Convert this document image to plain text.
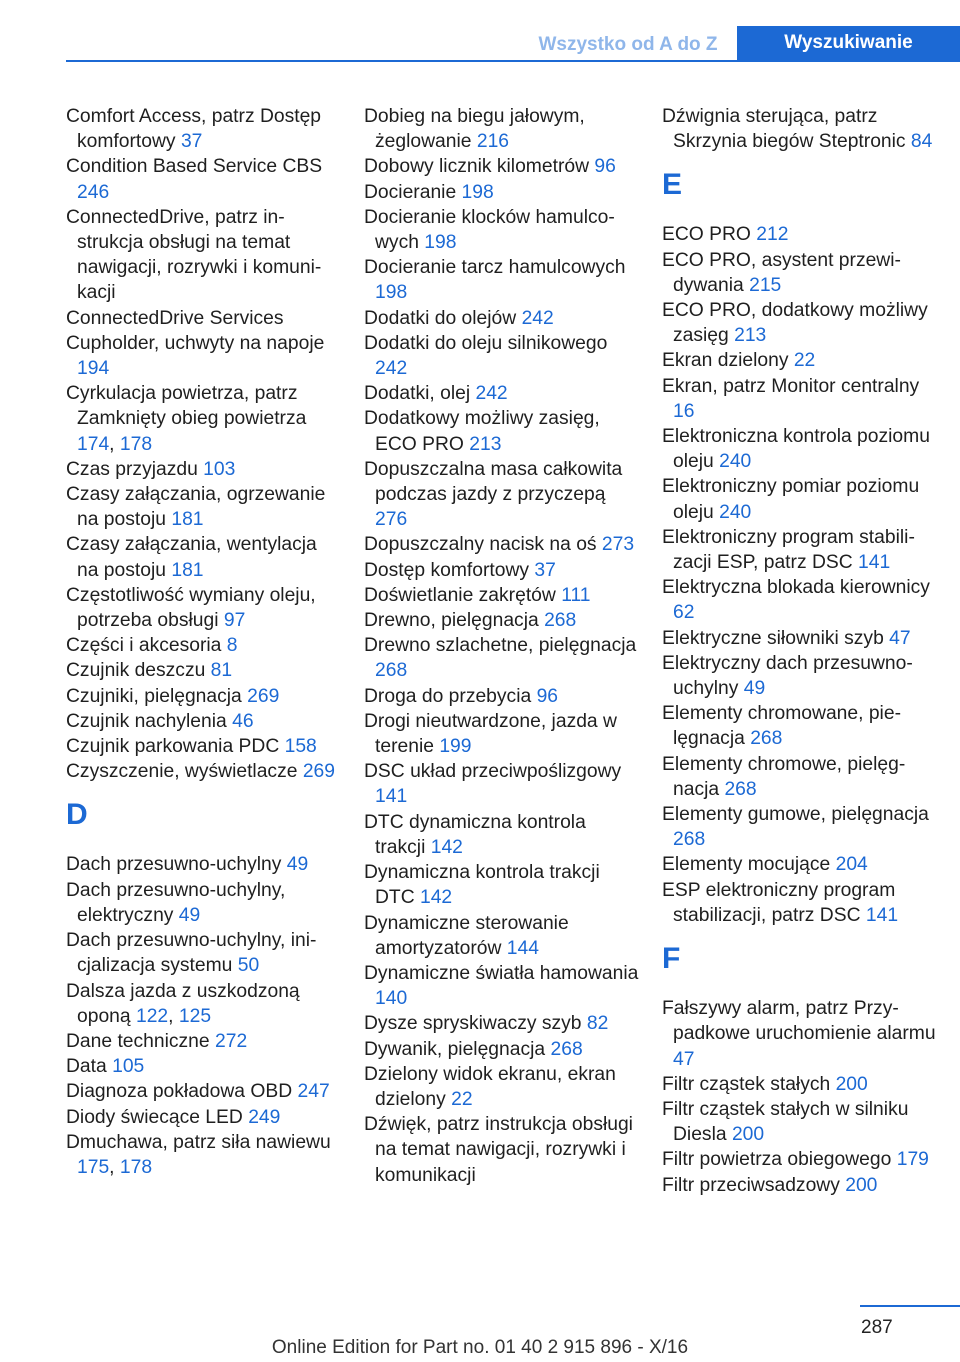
Wszystko od A do Z	Wyszukiwanie
Comfort Access, patrz Dostęp komfortowy 37
Condition Based Service CBS 246
ConnectedDrive, patrz instrukcja obsługi na temat nawigacji, rozrywki i komunikacji
ConnectedDrive Services
Cupholder, uchwyty na napoje 194
Cyrkulacja powietrza, patrz Zamknięty obieg powietrza 174, 178
Czas przyjazdu 103
Czasy załączania, ogrzewanie na postoju 181
Czasy załączania, wentylacja na postoju 181
Częstotliwość wymiany oleju, potrzeba obsługi 97
Części i akcesoria 8
Czujnik deszczu 81
Czujniki, pielęgnacja 269
Czujnik nachylenia 46
Czujnik parkowania PDC 158
Czyszczenie, wyświetlacze 269
D
Dach przesuwno-uchylny 49
Dach przesuwno-uchylny, elektryczny 49
Dach przesuwno-uchylny, inicjalizacja systemu 50
Dalsza jazda z uszkodzoną oponą 122, 125
Dane techniczne 272
Data 105
Diagnoza pokładowa OBD 247
Diody świecące LED 249
Dmuchawa, patrz siła nawiewu 175, 178
Dobieg na biegu jałowym, żeglowanie 216
Dobowy licznik kilometrów 96
Docieranie 198
Docieranie klocków hamulcowych 198
Docieranie tarcz hamulcowych 198
Dodatki do olejów 242
Dodatki do oleju silnikowego 242
Dodatki, olej 242
Dodatkowy możliwy zasięg, ECO PRO 213
Dopuszczalna masa całkowita podczas jazdy z przyczepą 276
Dopuszczalny nacisk na oś 273
Dostęp komfortowy 37
Doświetlanie zakrętów 111
Drewno, pielęgnacja 268
Drewno szlachetne, pielęgnacja 268
Droga do przebycia 96
Drogi nieutwardzone, jazda w terenie 199
DSC układ przeciwpoślizgowy 141
DTC dynamiczna kontrola trakcji 142
Dynamiczna kontrola trakcji DTC 142
Dynamiczne sterowanie amortyzatorów 144
Dynamiczne światła hamowania 140
Dysze spryskiwaczy szyb 82
Dywanik, pielęgnacja 268
Dzielony widok ekranu, ekran dzielony 22
Dźwięk, patrz instrukcja obsługi na temat nawigacji, rozrywki i komunikacji
Dźwignia sterująca, patrz Skrzynia biegów Steptronic 84
E
ECO PRO 212
ECO PRO, asystent przewidywania 215
ECO PRO, dodatkowy możliwy zasięg 213
Ekran dzielony 22
Ekran, patrz Monitor centralny 16
Elektroniczna kontrola poziomu oleju 240
Elektroniczny pomiar poziomu oleju 240
Elektroniczny program stabilizacji ESP, patrz DSC 141
Elektryczna blokada kierownicy 62
Elektryczne siłowniki szyb 47
Elektryczny dach przesuwno-uchylny 49
Elementy chromowane, pielęgnacja 268
Elementy chromowe, pielęgnacja 268
Elementy gumowe, pielęgnacja 268
Elementy mocujące 204
ESP elektroniczny program stabilizacji, patrz DSC 141
F
Fałszywy alarm, patrz Przypadkowe uruchomienie alarmu 47
Filtr cząstek stałych 200
Filtr cząstek stałych w silniku Diesla 200
Filtr powietrza obiegowego 179
Filtr przeciwsadzowy 200
287
Online Edition for Part no. 01 40 2 915 896 - X/16
